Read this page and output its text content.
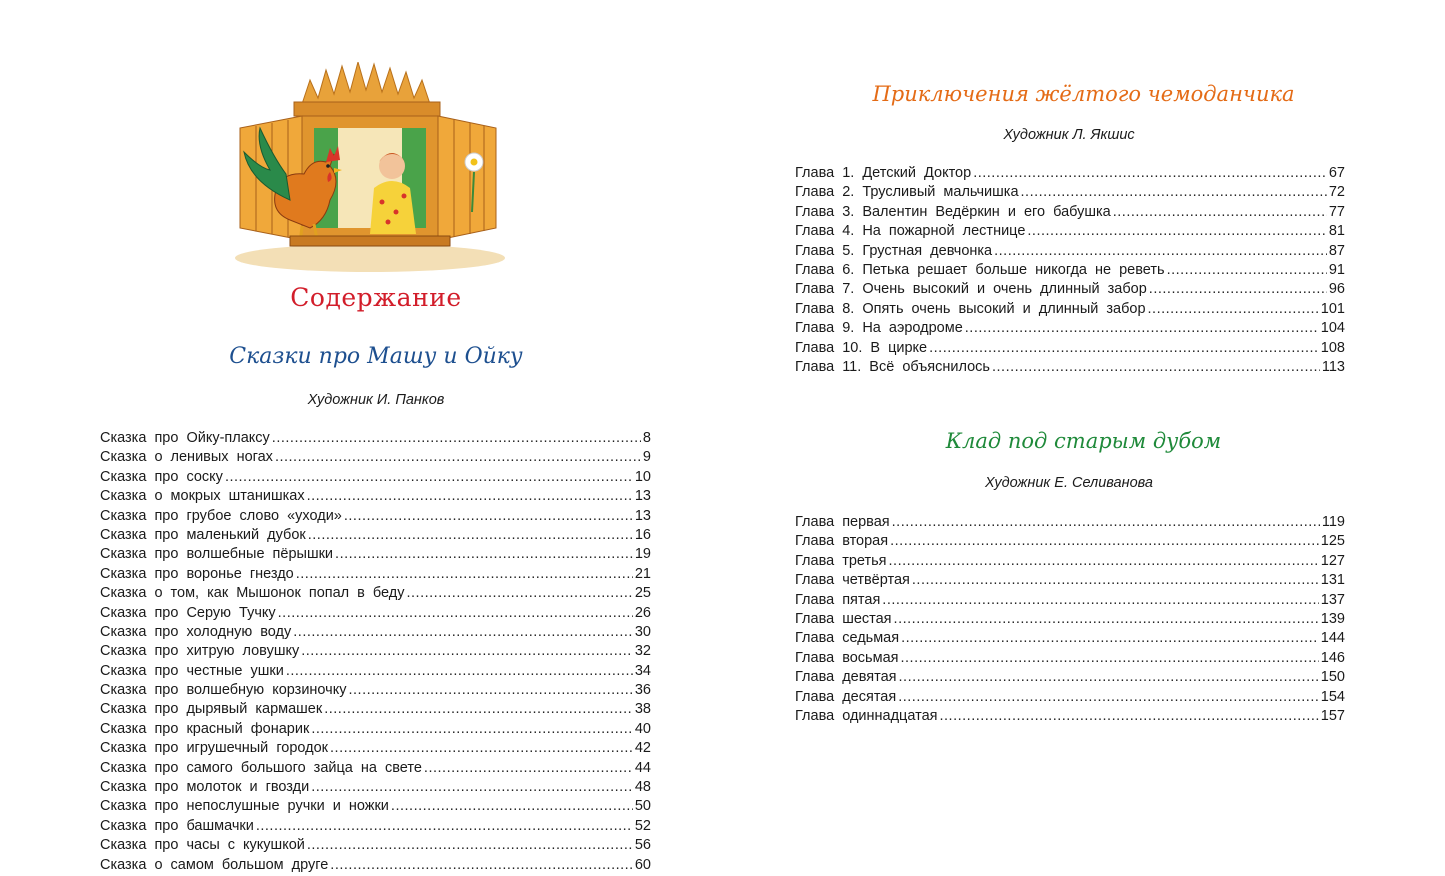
Содержание
Сказки про Машу и Ойку
Художник И. Панков
Сказка про Ойку-плаксу .....	8
Сказка о ленивых ногах .....	9
Сказка про соску .....	10
Сказка о мокрых штанишках .....	13
Сказка про грубое слово «уходи» .....	13
Сказка про маленький дубок .....	16
Сказка про волшебные пёрышки .....	19
Сказка про воронье гнездо .....	21
Сказка о том, как Мышонок попал в беду .....	25
Сказка про Серую Тучку .....	26
Сказка про холодную воду .....	30
Сказка про хитрую ловушку .....	32
Сказка про честные ушки .....	34
Сказка про волшебную корзиночку .....	36
Сказка про дырявый кармашек .....	38
Сказка про красный фонарик .....	40
Сказка про игрушечный городок .....	42
Сказка про самого большого зайца на свете .....	44
Сказка про молоток и гвозди .....	48
Сказка про непослушные ручки и ножки .....	50
Сказка про башмачки .....	52
Сказка про часы с кукушкой .....	56
Сказка о самом большом друге .....	60
Приключения жёлтого чемоданчика
Художник Л. Якшис
Глава 1. Детский Доктор .....	67
Глава 2. Трусливый мальчишка .....	72
Глава 3. Валентин Ведёркин и его бабушка .....	77
Глава 4. На пожарной лестнице .....	81
Глава 5. Грустная девчонка .....	87
Глава 6. Петька решает больше никогда не реветь .....	91
Глава 7. Очень высокий и очень длинный забор .....	96
Глава 8. Опять очень высокий и длинный забор .....	101
Глава 9. На аэродроме .....	104
Глава 10. В цирке .....	108
Глава 11. Всё объяснилось .....	113
Клад под старым дубом
Художник Е. Селиванова
Глава первая .....	119
Глава вторая .....	125
Глава третья .....	127
Глава четвёртая .....	131
Глава пятая .....	137
Глава шестая .....	139
Глава седьмая .....	144
Глава восьмая .....	146
Глава девятая .....	150
Глава десятая .....	154
Глава одиннадцатая .....	157
